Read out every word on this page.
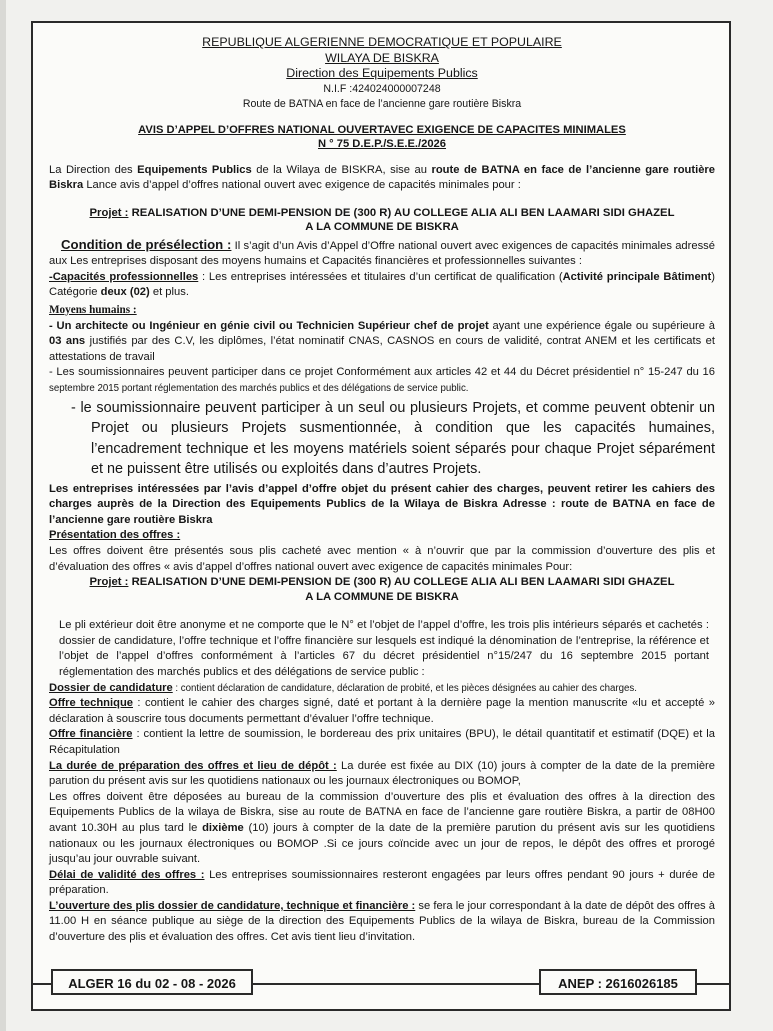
REPUBLIQUE ALGERIENNE DEMOCRATIQUE ET POPULAIRE

WILAYA DE BISKRA

Direction des Equipements Publics

N.I.F :424024000007248

Route de BATNA en face de l’ancienne gare routière Biskra

AVIS D’APPEL D’OFFRES NATIONAL OUVERTAVEC EXIGENCE DE CAPACITES MINIMALES

N ° 75 D.E.P./S.E.E./2026

La Direction des Equipements Publics de la Wilaya de BISKRA, sise au route de BATNA en face de l’ancienne gare routière Biskra Lance avis d’appel d’offres national ouvert avec exigence de capacités minimales pour :

Projet : REALISATION D’UNE DEMI-PENSION DE (300 R) AU COLLEGE ALIA ALI BEN LAAMARI SIDI GHAZEL
A LA COMMUNE DE BISKRA

Condition de présélection : Il s’agit d’un Avis d’Appel d’Offre national ouvert avec exigences de capacités minimales adressé aux Les entreprises disposant des moyens humains et Capacités financières et professionnelles suivantes :

-Capacités professionnelles : Les entreprises intéressées et titulaires d’un certificat de qualification (Activité principale Bâtiment) Catégorie deux (02) et plus.

Moyens humains :

- Un architecte ou Ingénieur en génie civil ou Technicien Supérieur chef de projet ayant une expérience égale ou supérieure à 03 ans justifiés par des C.V, les diplômes, l’état nominatif CNAS, CASNOS en cours de validité, contrat ANEM et les certificats et attestations de travail

- Les soumissionnaires peuvent participer dans ce projet Conformément aux articles 42 et 44 du Décret présidentiel n° 15-247 du 16 septembre 2015 portant réglementation des marchés publics et des délégations de service public.

- le soumissionnaire peuvent participer à un seul ou plusieurs Projets, et comme peuvent obtenir un Projet ou plusieurs Projets susmentionnée, à condition que les capacités humaines, l’encadrement technique et les moyens matériels soient séparés pour chaque Projet séparément et ne puissent être utilisés ou exploités dans d’autres Projets.

Les entreprises intéressées par l’avis d’appel d’offre objet du présent cahier des charges, peuvent retirer les cahiers des charges auprès de la Direction des Equipements Publics de la Wilaya de Biskra Adresse : route de BATNA en face de l’ancienne gare routière Biskra

Présentation des offres :

Les offres doivent être présentés sous plis cacheté avec mention « à n’ouvrir que par la commission d’ouverture des plis et d’évaluation des offres « avis d’appel d’offres national ouvert avec exigence de capacités minimales Pour:

Projet : REALISATION D’UNE DEMI-PENSION DE (300 R) AU COLLEGE ALIA ALI BEN LAAMARI SIDI GHAZEL
A LA COMMUNE DE BISKRA

Le pli extérieur doit être anonyme et ne comporte que le N° et l’objet de l’appel d’offre, les trois plis intérieurs séparés et cachetés : dossier de candidature, l’offre technique et l’offre financière sur lesquels est indiqué la dénomination de l’entreprise, la référence et l’objet de l’appel d’offres conformément à l’articles 67 du décret présidentiel n°15/247 du 16 septembre 2015 portant réglementation des marchés publics et des délégations de service public :

Dossier de candidature : contient déclaration de candidature, déclaration de probité, et les pièces désignées au cahier des charges.

Offre technique : contient le cahier des charges signé, daté et portant à la dernière page la mention manuscrite «lu et accepté » déclaration à souscrire tous documents permettant d’évaluer l’offre technique.

Offre financière : contient la lettre de soumission, le bordereau des prix unitaires (BPU), le détail quantitatif et estimatif (DQE) et la Récapitulation

La durée de préparation des offres et lieu de dépôt : La durée est fixée au DIX (10) jours à compter de la date de la première parution du présent avis sur les quotidiens nationaux ou les journaux électroniques ou BOMOP,

Les offres doivent être déposées au bureau de la commission d’ouverture des plis et évaluation des offres à la direction des Equipements Publics de la wilaya de Biskra, sise au route de BATNA en face de l’ancienne gare routière Biskra, a partir de 08H00 avant 10.30H au plus tard le dixième (10) jours à compter de la date de la première parution du présent avis sur les quotidiens nationaux ou les journaux électroniques ou BOMOP .Si ce jours coïncide avec un jour de repos, le dépôt des offres et prorogé jusqu’au jour ouvrable suivant.

Délai de validité des offres : Les entreprises soumissionnaires resteront engagées par leurs offres pendant 90 jours + durée de préparation.

L’ouverture des plis dossier de candidature, technique et financière : se fera le jour correspondant à la date de dépôt des offres à 11.00 H en séance publique au siège de la direction des Equipements Publics de la wilaya de Biskra, bureau de la Commission d’ouverture des plis et évaluation des offres. Cet avis tient lieu d’invitation.

ALGER 16 du 02 - 08 - 2026	ANEP : 2616026185
